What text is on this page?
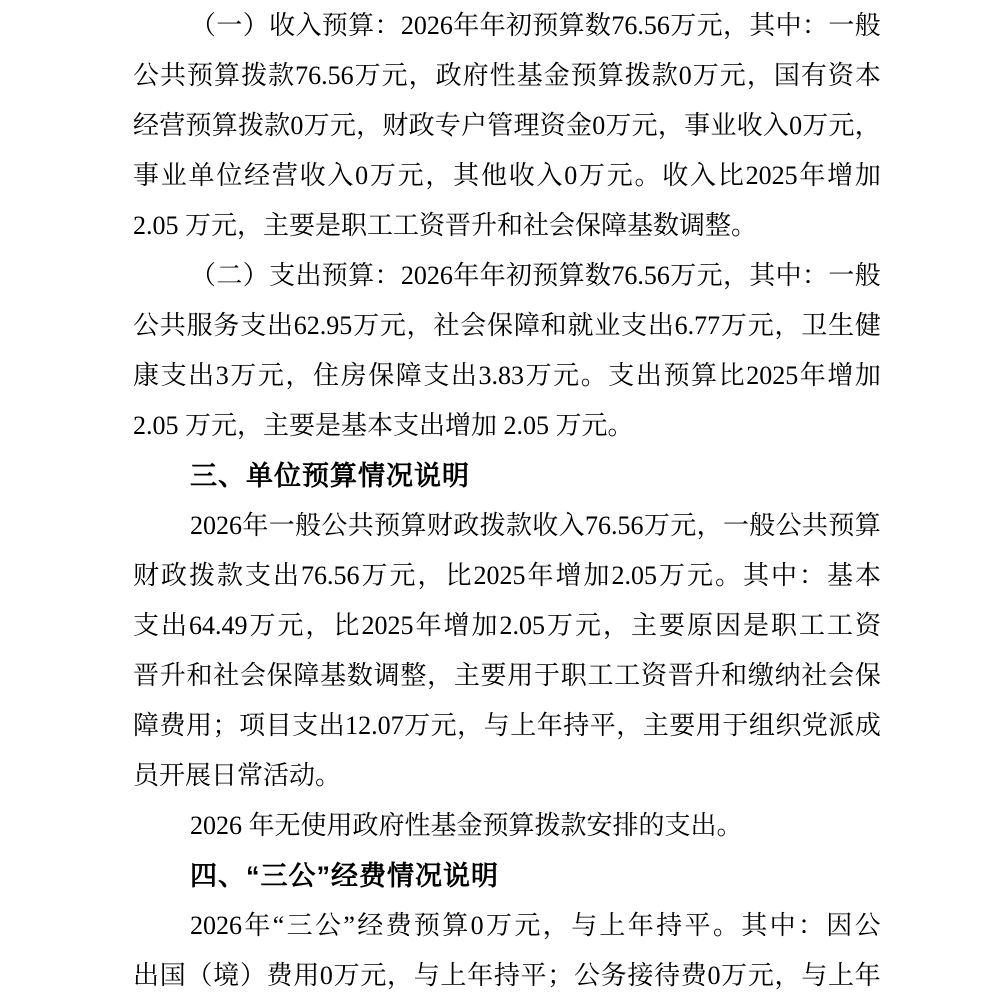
（ 一 ） 收 入 预 算 ： 2026 年 年 初 预 算 数 76.56 万 元 ， 其 中 ： 一 般
公 共 预 算 拨 款 76.56 万 元 ， 政 府 性 基 金 预 算 拨 款 0 万 元 ， 国 有 资 本
经 营 预 算 拨 款 0 万 元 ， 财 政 专 户 管 理 资 金 0 万 元 ， 事 业 收 入 0 万 元 ，
事 业 单 位 经 营 收 入 0 万 元 ， 其 他 收 入 0 万 元 。 收 入 比 2025 年 增 加
2.05 万元，主要是职工工资晋升和社会保障基数调整。
（ 二 ） 支 出 预 算 ： 2026 年 年 初 预 算 数 76.56 万 元 ， 其 中 ： 一 般
公 共 服 务 支 出 62.95 万 元 ， 社 会 保 障 和 就 业 支 出 6.77 万 元 ， 卫 生 健
康 支 出 3 万 元 ， 住 房 保 障 支 出 3.83 万 元 。 支 出 预 算 比 2025 年 增 加
2.05 万元，主要是基本支出增加 2.05 万元。
三、单位预算情况说明
2026 年 一 般 公 共 预 算 财 政 拨 款 收 入 76.56 万 元 ， 一 般 公 共 预 算
财 政 拨 款 支 出 76.56 万 元 ， 比 2025 年 增 加 2.05 万 元 。 其 中 ： 基 本
支 出 64.49 万 元 ， 比 2025 年 增 加 2.05 万 元 ， 主 要 原 因 是 职 工 工 资
晋 升 和 社 会 保 障 基 数 调 整 ， 主 要 用 于 职 工 工 资 晋 升 和 缴 纳 社 会 保
障 费 用 ； 项 目 支 出 12.07 万 元 ， 与 上 年 持 平 ， 主 要 用 于 组 织 党 派 成
员开展日常活动。
2026 年无使用政府性基金预算拨款安排的支出。
四、“三公”经费情况说明
2026 年 “ 三 公 ” 经 费 预 算 0 万 元 ， 与 上 年 持 平 。 其 中 ： 因 公
出 国 （ 境 ） 费 用 0 万 元 ， 与 上 年 持 平 ； 公 务 接 待 费 0 万 元 ， 与 上 年
